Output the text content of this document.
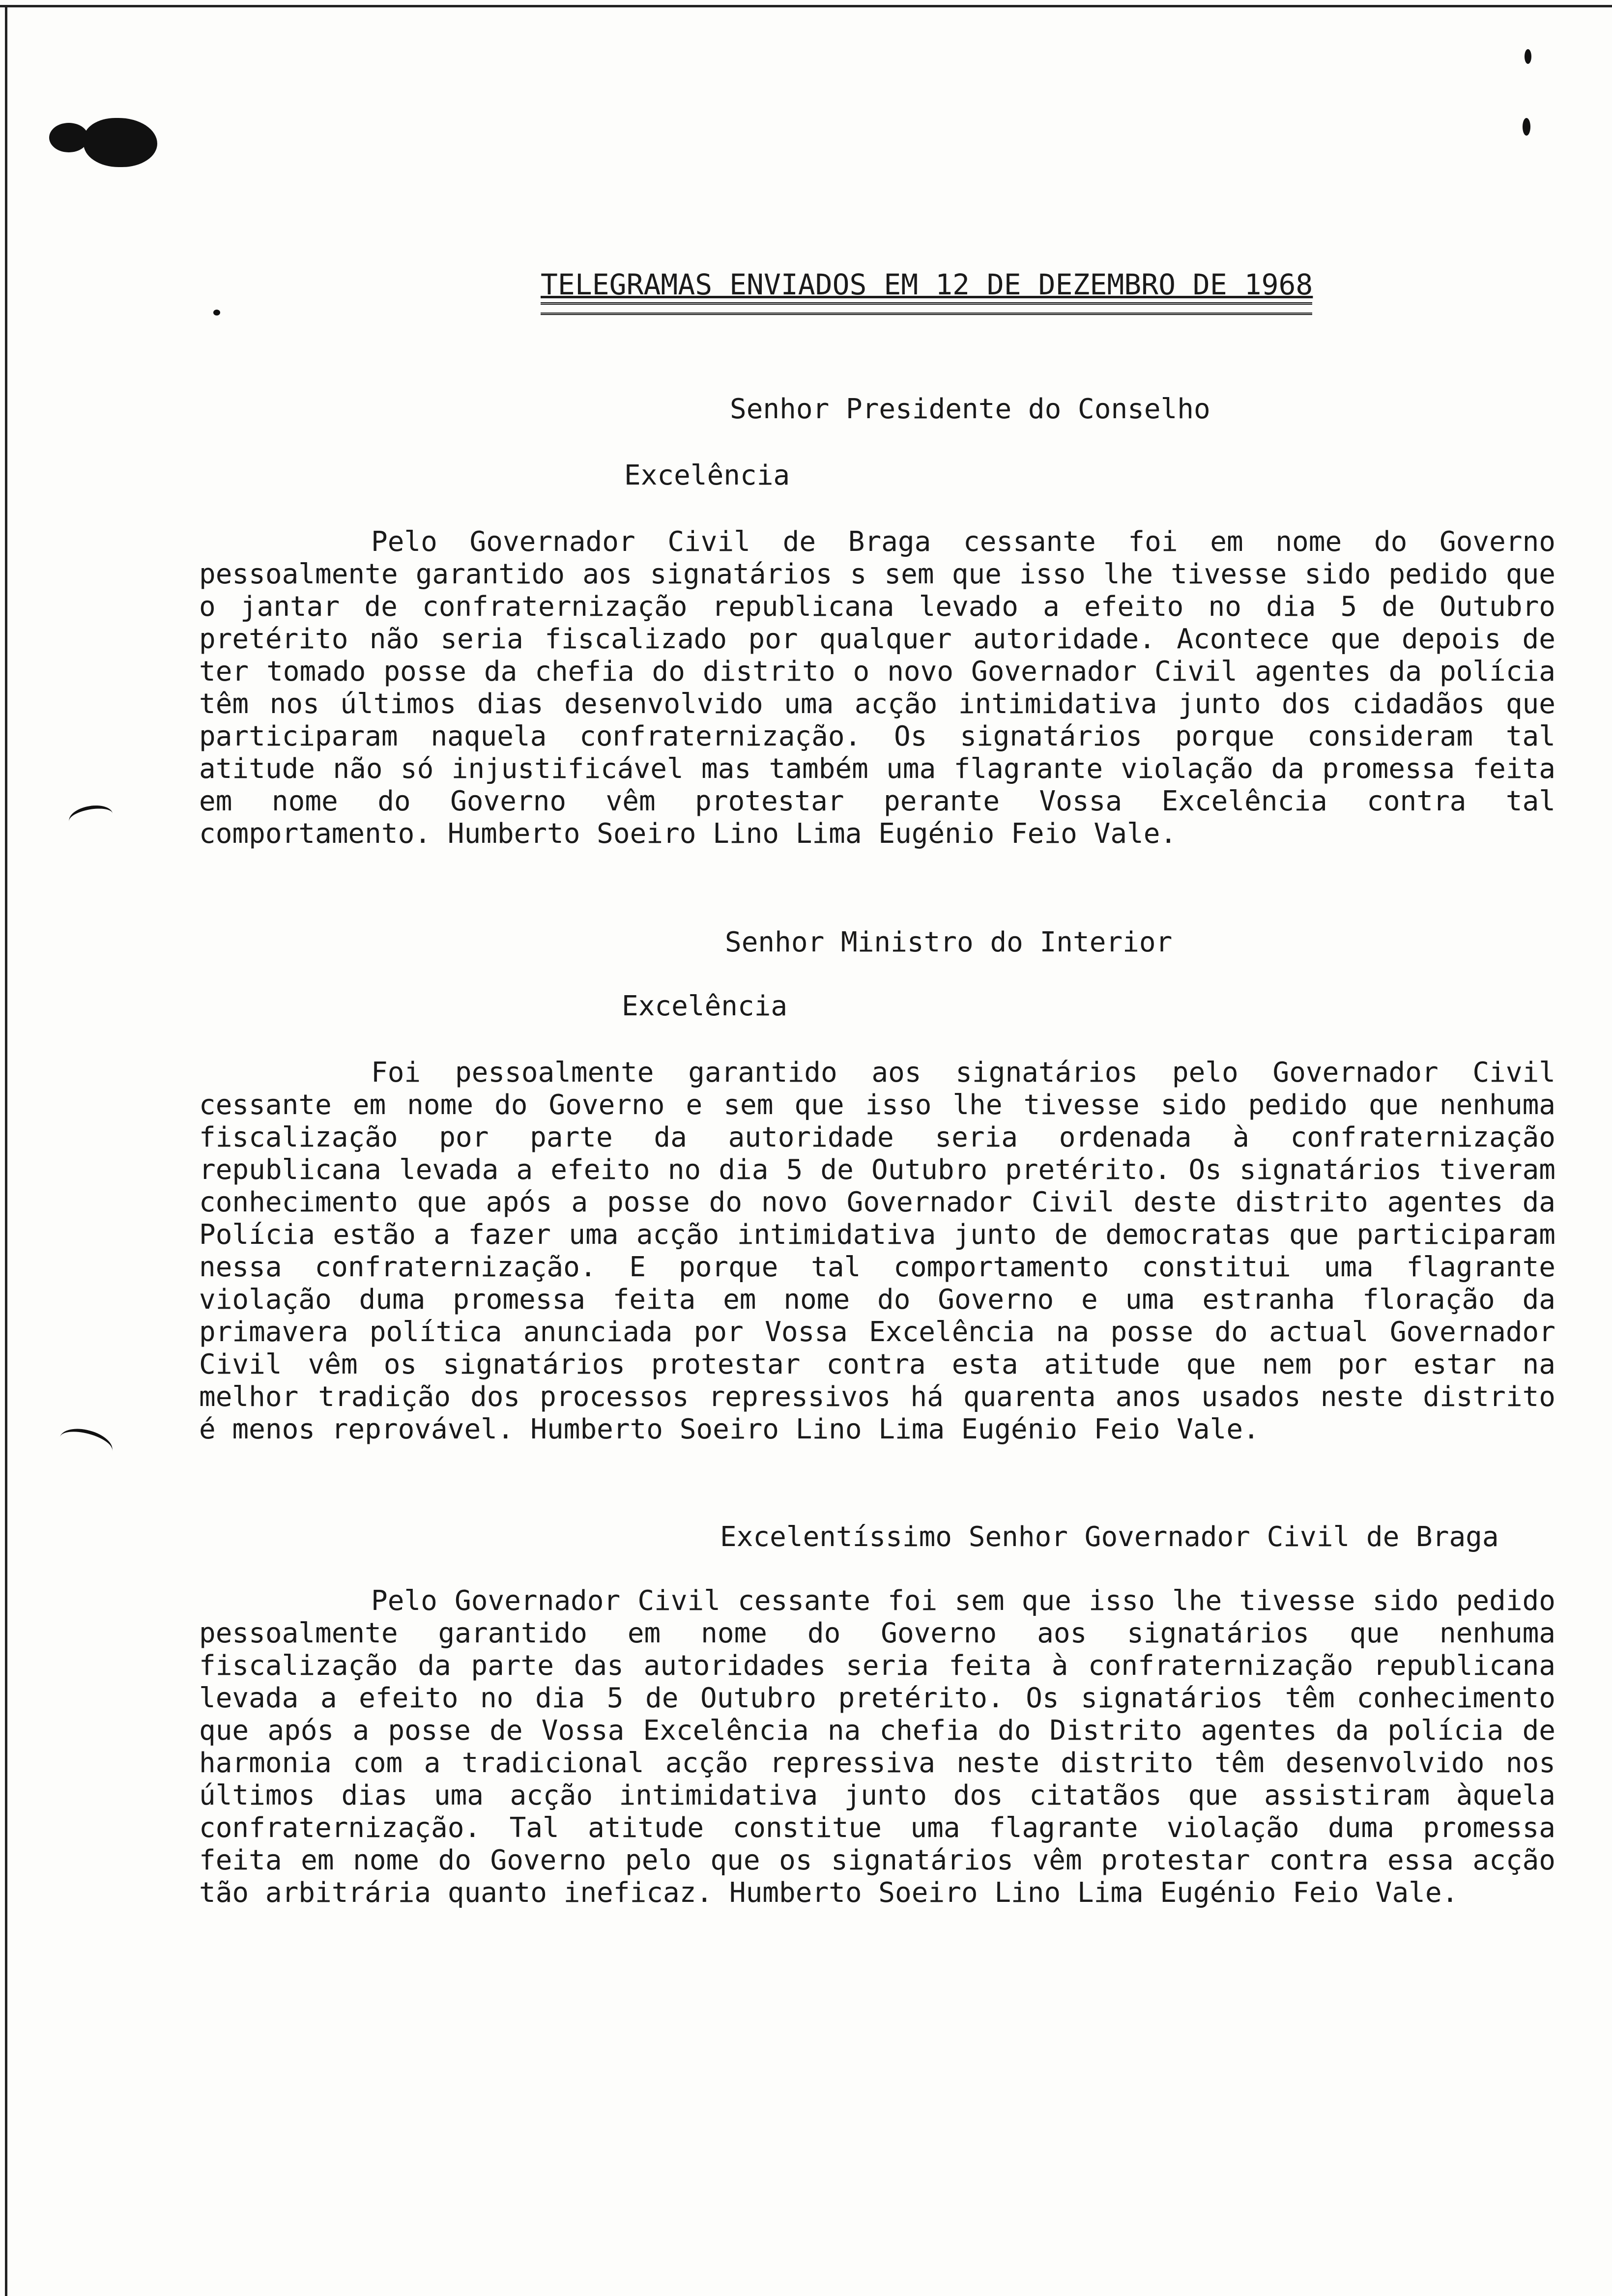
TELEGRAMAS ENVIADOS EM 12 DE DEZEMBRO DE 1968
Senhor Presidente do Conselho
Excelência
Pelo Governador Civil de Braga cessante foi em nome do Governo pessoalmente garantido aos signatários s sem que isso lhe tivesse sido pedido que o jantar de confraternização republicana levado a efeito no dia 5 de Outubro pretérito não seria fiscalizado por qualquer autoridade. Acontece que depois de ter tomado posse da chefia do distrito o novo Governador Civil agentes da polícia têm nos últimos dias desenvolvido uma acção intimidativa junto dos cidadãos que participaram naquela confraternização. Os signatários porque consideram tal atitude não só injustificável mas também uma flagrante violação da promessa feita em nome do Governo vêm protestar perante Vossa Excelência contra tal comportamento. Humberto Soeiro Lino Lima Eugénio Feio Vale.
Senhor Ministro do Interior
Excelência
Foi pessoalmente garantido aos signatários pelo Governador Civil cessante em nome do Governo e sem que isso lhe tivesse sido pedido que nenhuma fiscalização por parte da autoridade seria ordenada à confraternização republicana levada a efeito no dia 5 de Outubro pretérito. Os signatários tiveram conhecimento que após a posse do novo Governador Civil deste distrito agentes da Polícia estão a fazer uma acção intimidativa junto de democratas que participaram nessa confraternização. E porque tal comportamento constitui uma flagrante violação duma promessa feita em nome do Governo e uma estranha floração da primavera política anunciada por Vossa Excelência na posse do actual Governador Civil vêm os signatários protestar contra esta atitude que nem por estar na melhor tradição dos processos repressivos há quarenta anos usados neste distrito é menos reprovável. Humberto Soeiro Lino Lima Eugénio Feio Vale.
Excelentíssimo Senhor Governador Civil de Braga
Pelo Governador Civil cessante foi sem que isso lhe tivesse sido pedido pessoalmente garantido em nome do Governo aos signatários que nenhuma fiscalização da parte das autoridades seria feita à confraternização republicana levada a efeito no dia 5 de Outubro pretérito. Os signatários têm conhecimento que após a posse de Vossa Excelência na chefia do Distrito agentes da polícia de harmonia com a tradicional acção repressiva neste distrito têm desenvolvido nos últimos dias uma acção intimidativa junto dos citatãos que assistiram àquela confraternização. Tal atitude constitue uma flagrante violação duma promessa feita em nome do Governo pelo que os signatários vêm protestar contra essa acção tão arbitrária quanto ineficaz. Humberto Soeiro Lino Lima Eugénio Feio Vale.
